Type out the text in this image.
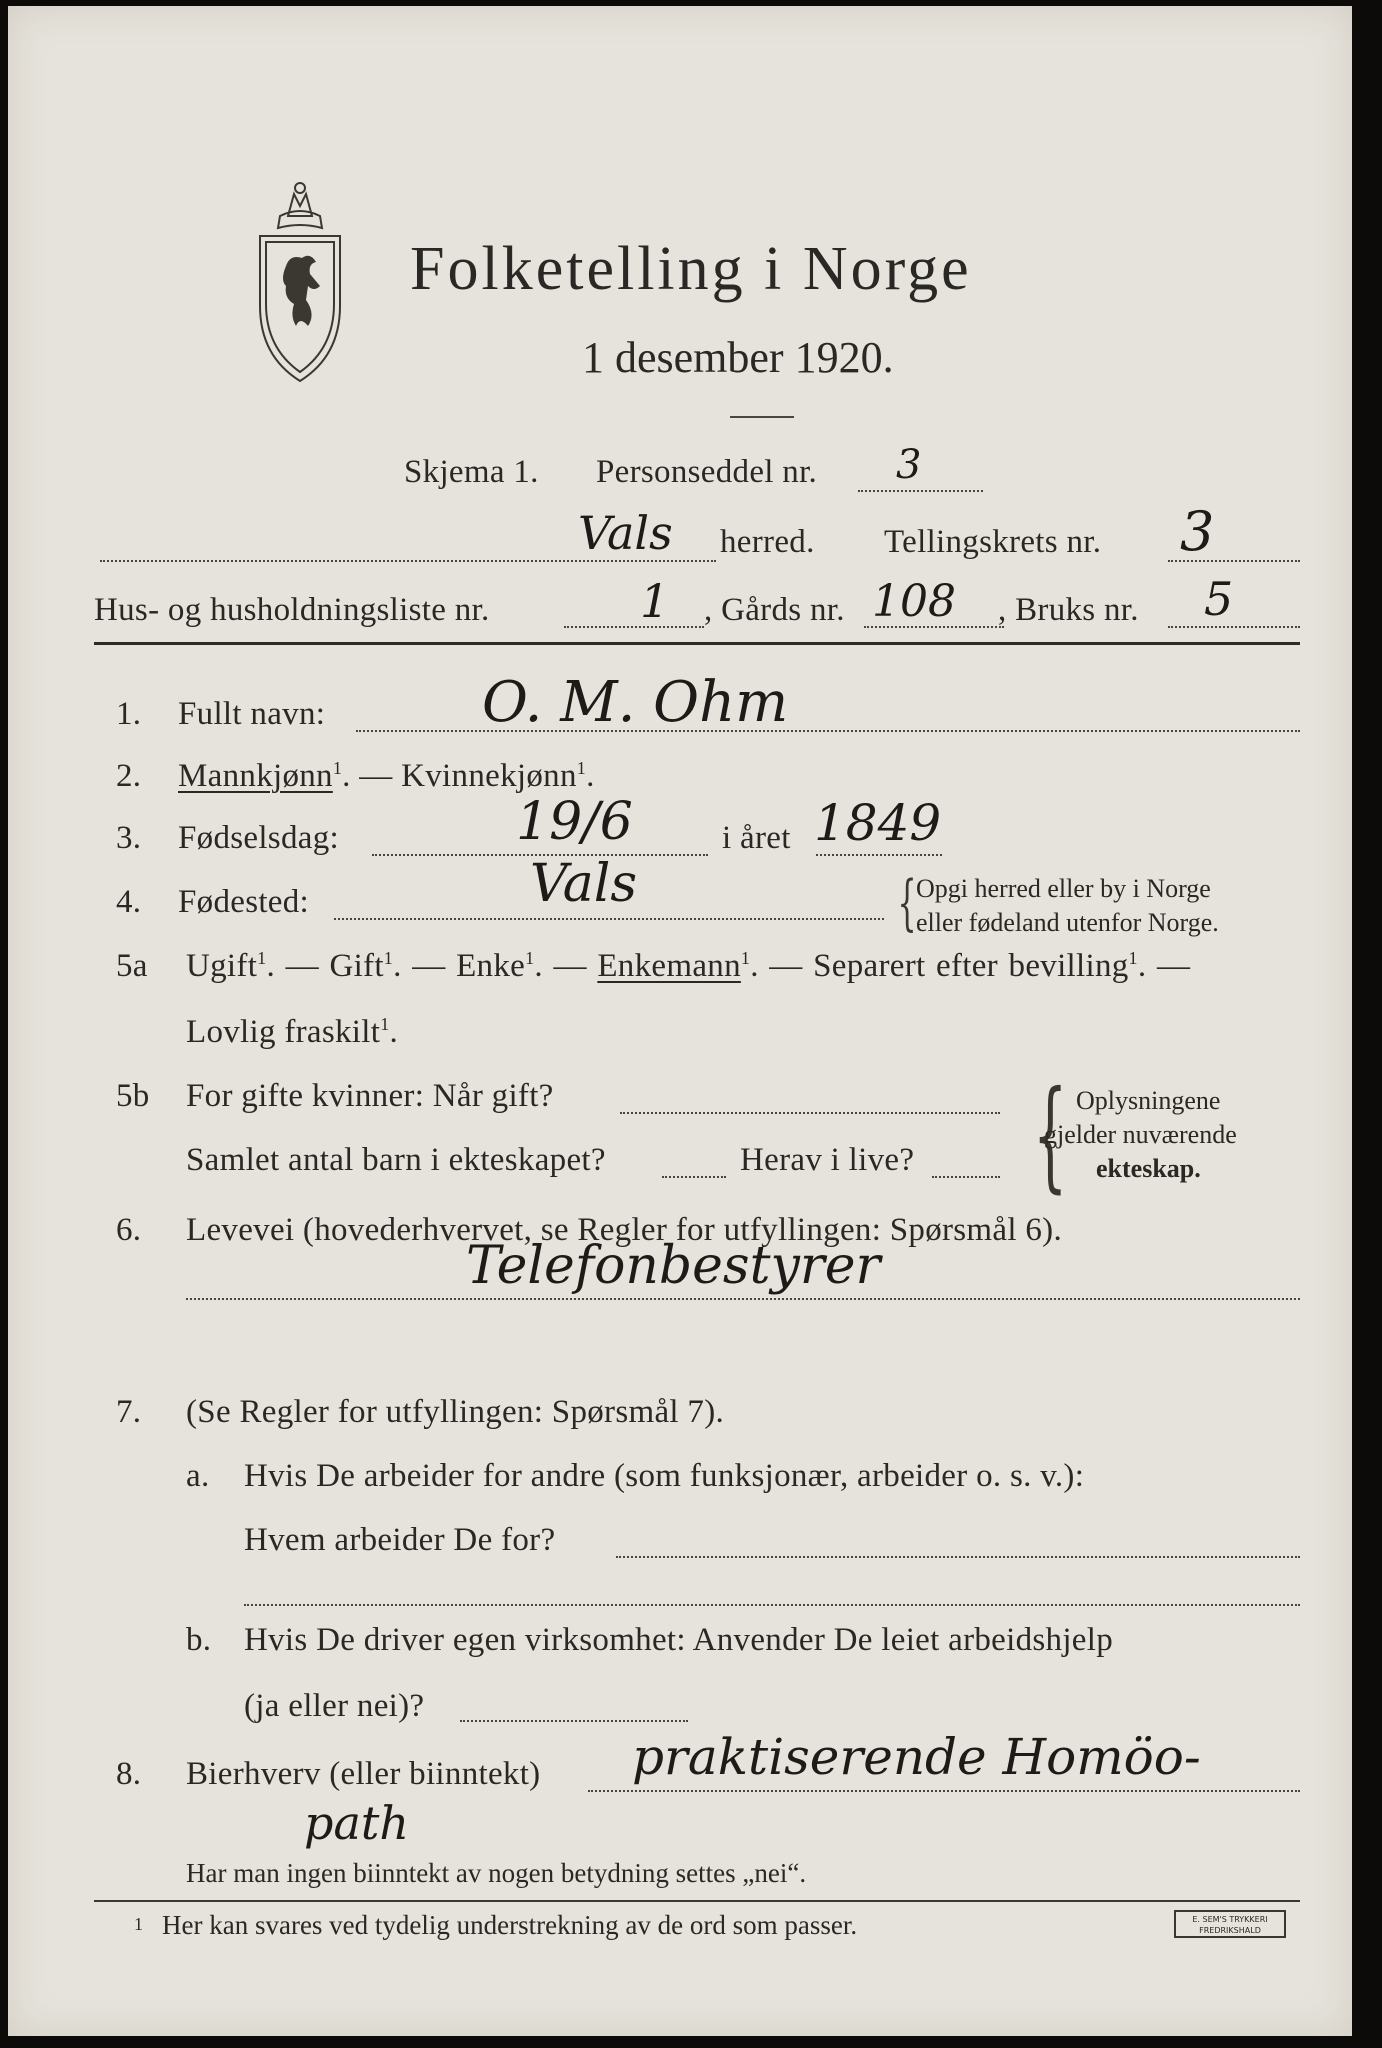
Folketelling i Norge
1 desember 1920.
Skjema 1. Personseddel nr. 3
Vals herred. Tellingskrets nr. 3
Hus- og husholdningsliste nr.	1 , Gårds nr. 108 , Bruks nr. 5
1. Fullt navn:	O. M. Ohm
2. Mannkjønn$^1$. — Kvinnekjønn$^1$.
3. Fødselsdag:	19/6	i året 1849
4. Fødested:	Vals	{ Opgi herred eller by i Norge
eller fødeland utenfor Norge.
5a Ugift$^1$. — Gift$^1$. — Enke$^1$. — Enkemann$^1$. — Separert efter bevilling$^1$. —
Lovlig fraskilt$^1$.
5b For gifte kvinner: Når gift?
Samlet antal barn i ekteskapet?	Herav i live? { Oplysningene
gjelder nuværende
ekteskap.
6. Levevei (hovederhvervet, se Regler for utfyllingen: Spørsmål 6).
Telefonbestyrer
7. (Se Regler for utfyllingen: Spørsmål 7).
a. Hvis De arbeider for andre (som funksjonær, arbeider o. s. v.):
Hvem arbeider De for?
b. Hvis De driver egen virksomhet: Anvender De leiet arbeidshjelp
(ja eller nei)?
8. Bierhverv (eller biinntekt) praktiserende Homöo-
path
Har man ingen biinntekt av nogen betydning settes „nei“.
1 Her kan svares ved tydelig understrekning av de ord som passer.	E. SEM'S TRYKKERI
FREDRIKSHALD
